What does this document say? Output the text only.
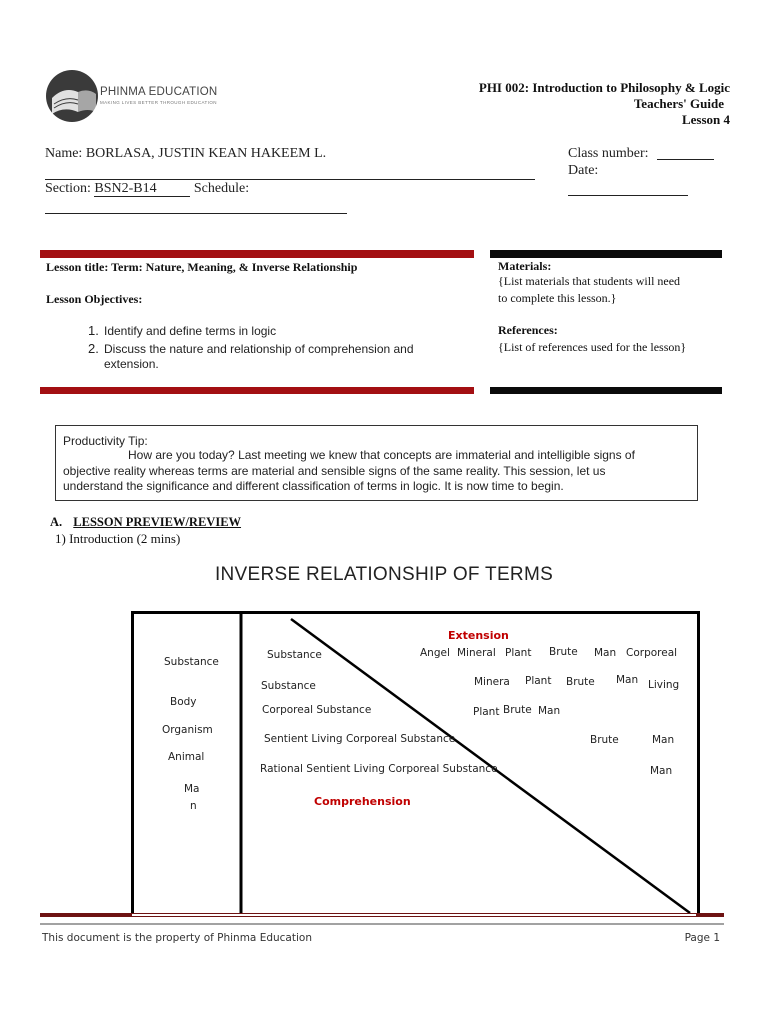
PHINMA EDUCATION
MAKING LIVES BETTER THROUGH EDUCATION
PHI 002: Introduction to Philosophy & Logic
Teachers' Guide
Lesson 4
Name: BORLASA, JUSTIN KEAN HAKEEM L.
Section: BSN2-B14	Schedule:
Class number:
Date:
Lesson title: Term: Nature, Meaning, & Inverse Relationship
Lesson Objectives:
1. Identify and define terms in logic
2. Discuss the nature and relationship of comprehension and
extension.
Materials:
{List materials that students will need
to complete this lesson.}
References:
{List of references used for the lesson}
Productivity Tip:
How are you today? Last meeting we knew that concepts are immaterial and intelligible signs of
objective reality whereas terms are material and sensible signs of the same reality. This session, let us
understand the significance and different classification of terms in logic. It is now time to begin.
A. LESSON PREVIEW/REVIEW
1) Introduction (2 mins)
INVERSE RELATIONSHIP OF TERMS
Substance
Body
Organism
Animal
Ma
n
Extension
Comprehension
Substance
Substance
Corporeal Substance
Sentient Living Corporeal Substance
Rational Sentient Living Corporeal Substance
Angel Mineral Plant Brute Man Corporeal
Minera Plant Brute Man Living
Plant Brute Man
Brute	Man
Man
This document is the property of Phinma Education	Page 1
